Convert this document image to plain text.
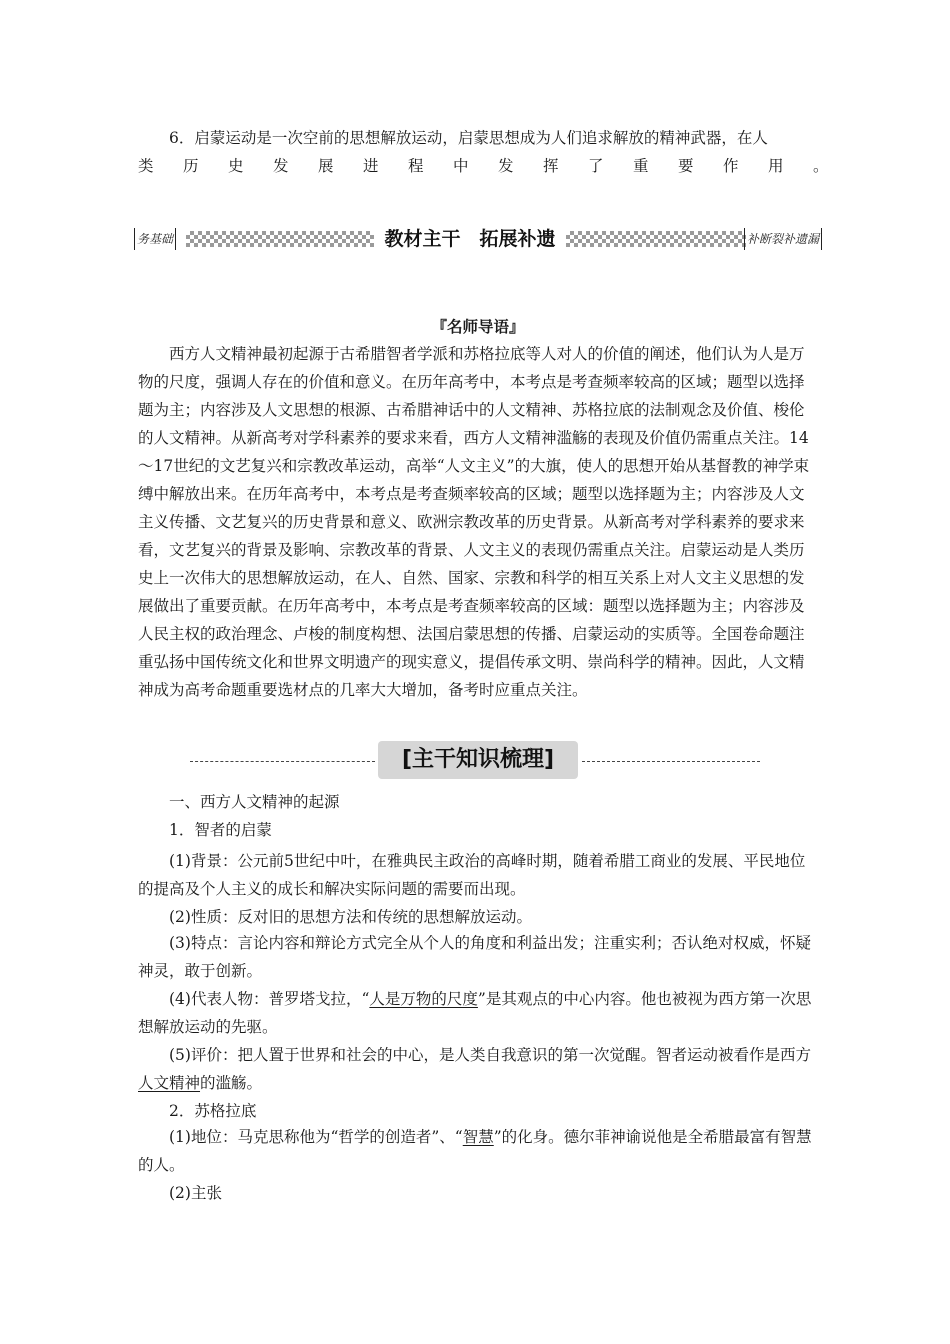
6．启蒙运动是一次空前的思想解放运动，启蒙思想成为人们追求解放的精神武器，在人
类历史发展进程中发挥了重要作用。

务基础	教材主干　拓展补遗	补断裂补遗漏
『名师导语』

西方人文精神最初起源于古希腊智者学派和苏格拉底等人对人的价值的阐述，他们认为人是万物的尺度，强调人存在的价值和意义。在历年高考中，本考点是考查频率较高的区域；题型以选择题为主；内容涉及人文思想的根源、古希腊神话中的人文精神、苏格拉底的法制观念及价值、梭伦的人文精神。从新高考对学科素养的要求来看，西方人文精神滥觞的表现及价值仍需重点关注。14～17世纪的文艺复兴和宗教改革运动，高举“人文主义”的大旗，使人的思想开始从基督教的神学束缚中解放出来。在历年高考中，本考点是考查频率较高的区域；题型以选择题为主；内容涉及人文主义传播、文艺复兴的历史背景和意义、欧洲宗教改革的历史背景。从新高考对学科素养的要求来看，文艺复兴的背景及影响、宗教改革的背景、人文主义的表现仍需重点关注。启蒙运动是人类历史上一次伟大的思想解放运动，在人、自然、国家、宗教和科学的相互关系上对人文主义思想的发展做出了重要贡献。在历年高考中，本考点是考查频率较高的区域：题型以选择题为主；内容涉及人民主权的政治理念、卢梭的制度构想、法国启蒙思想的传播、启蒙运动的实质等。全国卷命题注重弘扬中国传统文化和世界文明遗产的现实意义，提倡传承文明、崇尚科学的精神。因此，人文精神成为高考命题重要选材点的几率大大增加，备考时应重点关注。

[主干知识梳理]

一、西方人文精神的起源

1．智者的启蒙

(1)背景：公元前5世纪中叶，在雅典民主政治的高峰时期，随着希腊工商业的发展、平民地位的提高及个人主义的成长和解决实际问题的需要而出现。

(2)性质：反对旧的思想方法和传统的思想解放运动。

(3)特点：言论内容和辩论方式完全从个人的角度和利益出发；注重实利；否认绝对权威，怀疑神灵，敢于创新。

(4)代表人物：普罗塔戈拉，“人是万物的尺度”是其观点的中心内容。他也被视为西方第一次思想解放运动的先驱。

(5)评价：把人置于世界和社会的中心，是人类自我意识的第一次觉醒。智者运动被看作是西方人文精神的滥觞。

2．苏格拉底

(1)地位：马克思称他为“哲学的创造者”、“智慧”的化身。德尔菲神谕说他是全希腊最富有智慧的人。

(2)主张
